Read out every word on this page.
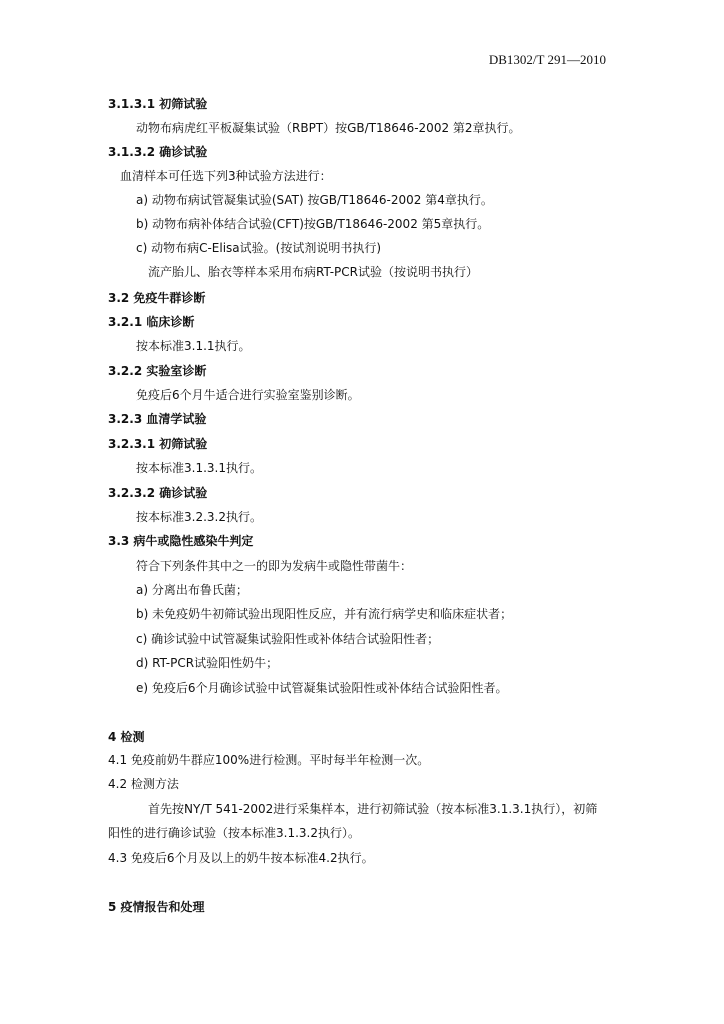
DB1302/T 291—2010
3.1.3.1 初筛试验
动物布病虎红平板凝集试验（RBPT）按GB/T18646-2002 第2章执行。
3.1.3.2 确诊试验
血清样本可任选下列3种试验方法进行：
a) 动物布病试管凝集试验(SAT) 按GB/T18646-2002 第4章执行。
b) 动物布病补体结合试验(CFT)按GB/T18646-2002 第5章执行。
c) 动物布病C-Elisa试验。(按试剂说明书执行)
流产胎儿、胎衣等样本采用布病RT-PCR试验（按说明书执行）
3.2 免疫牛群诊断
3.2.1 临床诊断
按本标准3.1.1执行。
3.2.2 实验室诊断
免疫后6个月牛适合进行实验室鉴别诊断。
3.2.3 血清学试验
3.2.3.1 初筛试验
按本标准3.1.3.1执行。
3.2.3.2 确诊试验
按本标准3.2.3.2执行。
3.3 病牛或隐性感染牛判定
符合下列条件其中之一的即为发病牛或隐性带菌牛：
a) 分离出布鲁氏菌；
b) 未免疫奶牛初筛试验出现阳性反应，并有流行病学史和临床症状者；
c) 确诊试验中试管凝集试验阳性或补体结合试验阳性者；
d) RT-PCR试验阳性奶牛；
e) 免疫后6个月确诊试验中试管凝集试验阳性或补体结合试验阳性者。
4 检测
4.1 免疫前奶牛群应100%进行检测。平时每半年检测一次。
4.2 检测方法
首先按NY/T 541-2002进行采集样本，进行初筛试验（按本标准3.1.3.1执行），初筛
阳性的进行确诊试验（按本标准3.1.3.2执行）。
4.3 免疫后6个月及以上的奶牛按本标准4.2执行。
5 疫情报告和处理
